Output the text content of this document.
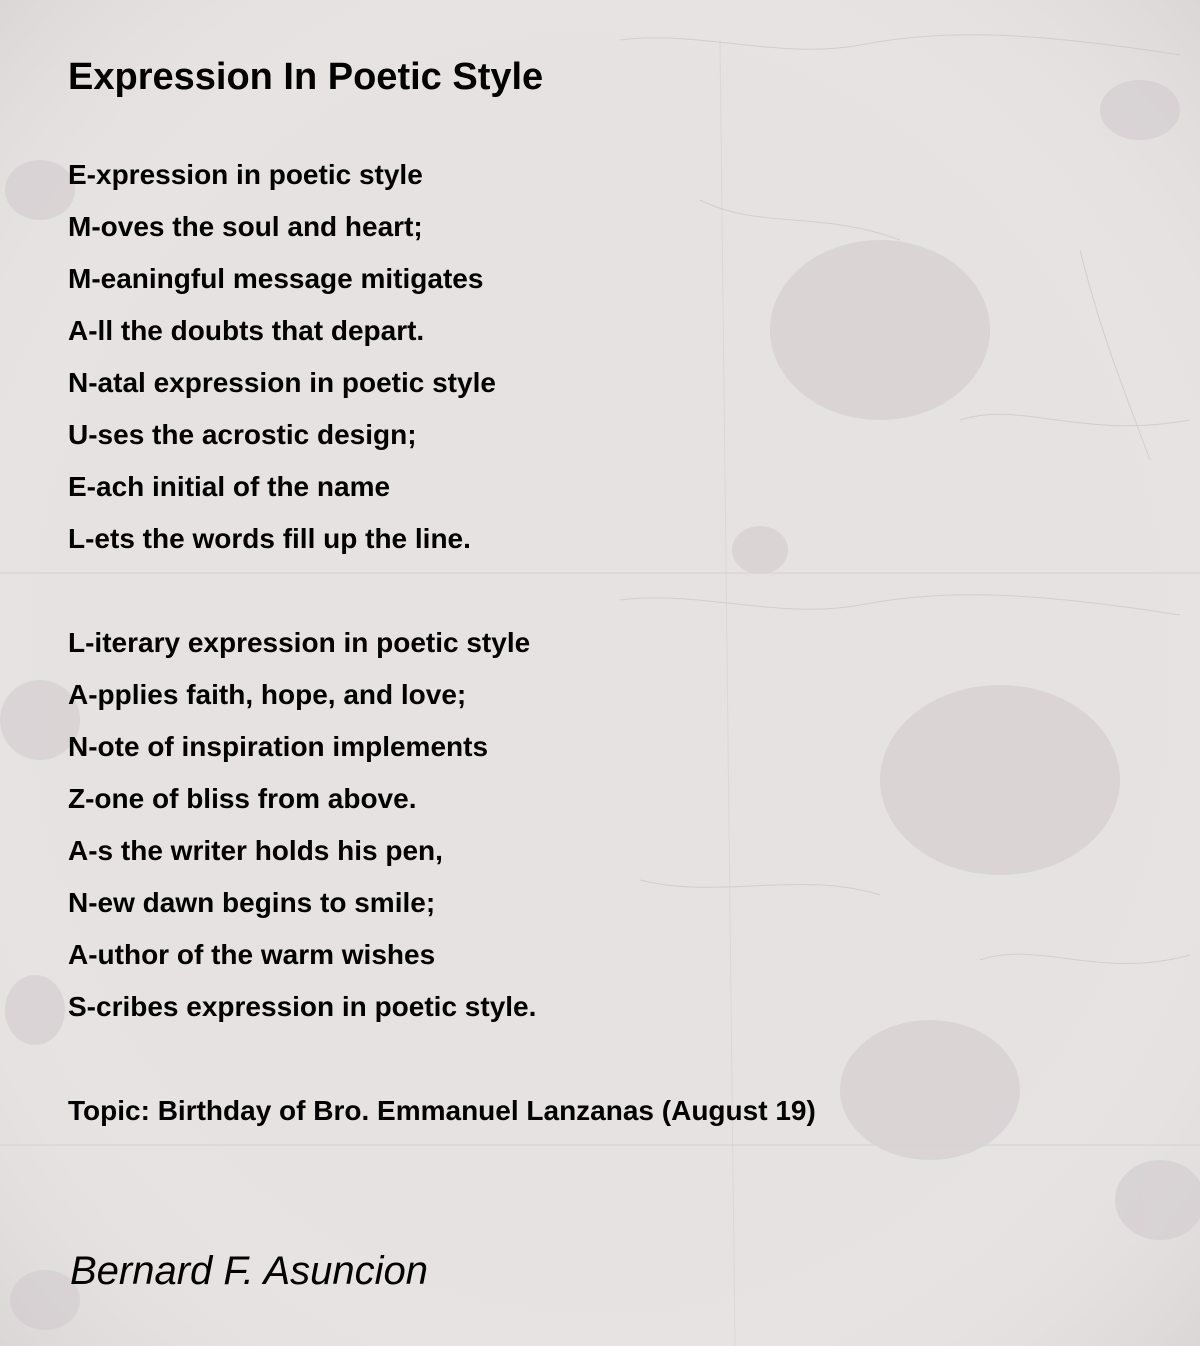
Expression In Poetic Style
E-xpression in poetic style
M-oves the soul and heart;
M-eaningful message mitigates
A-ll the doubts that depart.
N-atal expression in poetic style
U-ses the acrostic design;
E-ach initial of the name
L-ets the words fill up the line.
L-iterary expression in poetic style
A-pplies faith, hope, and love;
N-ote of inspiration implements
Z-one of bliss from above.
A-s the writer holds his pen,
N-ew dawn begins to smile;
A-uthor of the warm wishes
S-cribes expression in poetic style.

Topic: Birthday of Bro. Emmanuel Lanzanas (August 19)

Bernard F. Asuncion
